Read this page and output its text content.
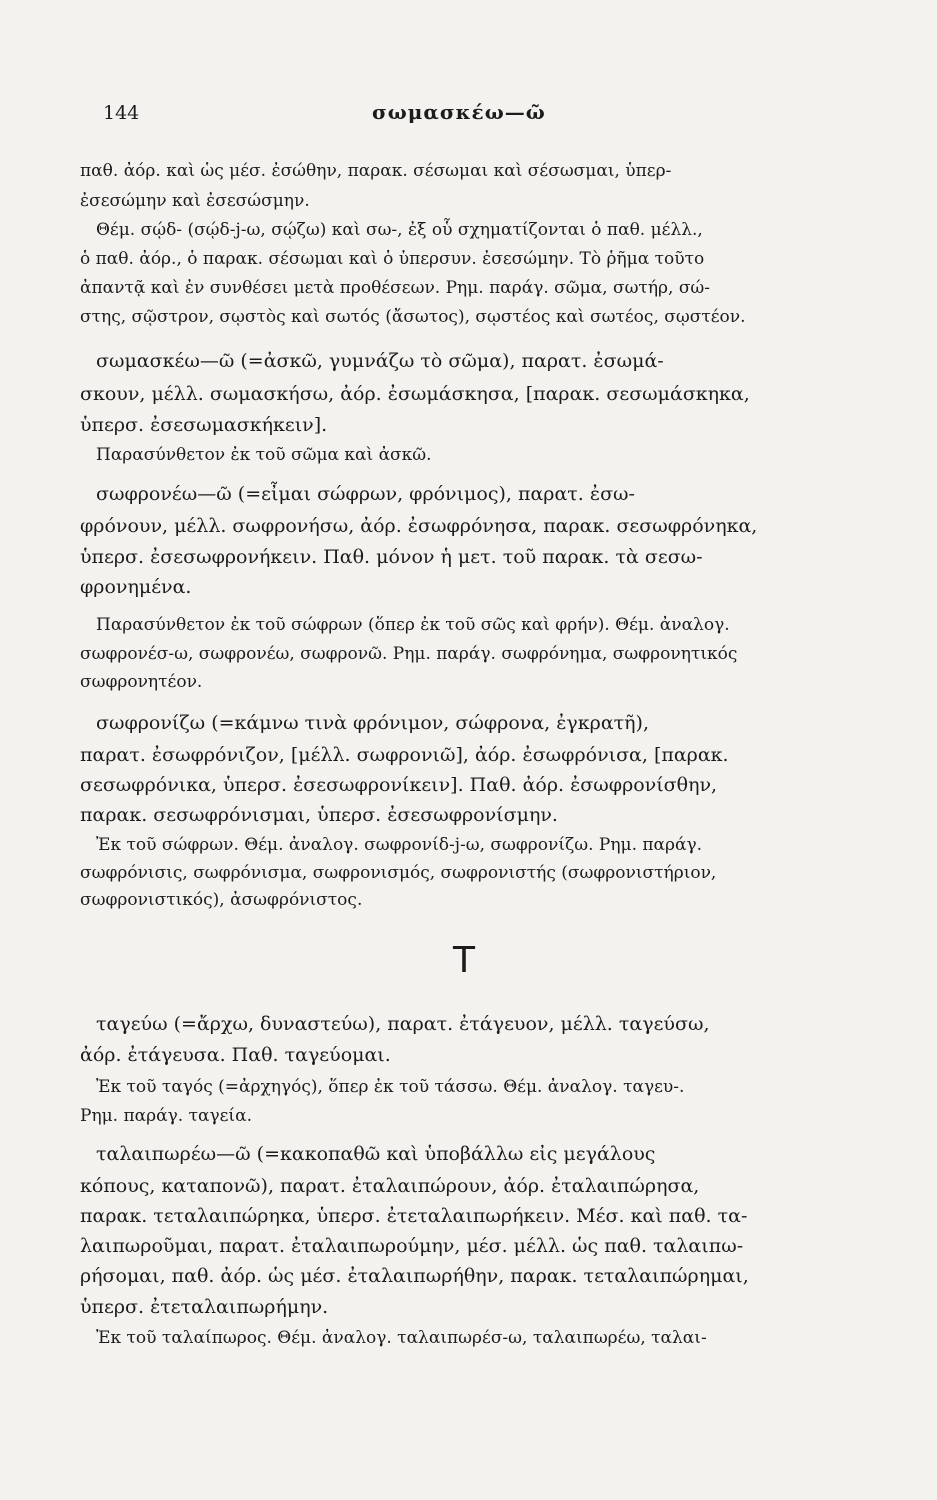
144	σωμασκέω—ῶ
παθ. ἀόρ. καὶ ὡς μέσ. ἐσώθην, παρακ. σέσωμαι καὶ σέσωσμαι, ὑπερ-
ἐσεσώμην καὶ ἐσεσώσμην.
Θέμ. σῴδ- (σῴδ-j-ω, σῴζω) καὶ σω-, ἐξ οὗ σχηματίζονται ὁ παθ. μέλλ.,
ὁ παθ. ἀόρ., ὁ παρακ. σέσωμαι καὶ ὁ ὑπερσυν. ἐσεσώμην. Τὸ ῥῆμα τοῦτο
ἀπαντᾷ καὶ ἐν συνθέσει μετὰ προθέσεων. Ρημ. παράγ. σῶμα, σωτήρ, σώ-
στης, σῷστρον, σῳστὸς καὶ σωτός (ἄσωτος), σῳστέος καὶ σωτέος, σῳστέον.
σωμασκέω—ῶ (=ἀσκῶ, γυμνάζω τὸ σῶμα), παρατ. ἐσωμά-
σκουν, μέλλ. σωμασκήσω, ἀόρ. ἐσωμάσκησα, [παρακ. σεσωμάσκηκα,
ὑπερσ. ἐσεσωμασκήκειν].
Παρασύνθετον ἐκ τοῦ σῶμα καὶ ἀσκῶ.
σωφρονέω—ῶ (=εἶμαι σώφρων, φρόνιμος), παρατ. ἐσω-
φρόνουν, μέλλ. σωφρονήσω, ἀόρ. ἐσωφρόνησα, παρακ. σεσωφρόνηκα,
ὑπερσ. ἐσεσωφρονήκειν. Παθ. μόνον ἡ μετ. τοῦ παρακ. τὰ σεσω-
φρονημένα.
Παρασύνθετον ἐκ τοῦ σώφρων (ὅπερ ἐκ τοῦ σῶς καὶ φρήν). Θέμ. ἀναλογ.
σωφρονέσ-ω, σωφρονέω, σωφρονῶ. Ρημ. παράγ. σωφρόνημα, σωφρονητικός
σωφρονητέον.
σωφρονίζω (=κάμνω τινὰ φρόνιμον, σώφρονα, ἐγκρατῆ),
παρατ. ἐσωφρόνιζον, [μέλλ. σωφρονιῶ], ἀόρ. ἐσωφρόνισα, [παρακ.
σεσωφρόνικα, ὑπερσ. ἐσεσωφρονίκειν]. Παθ. ἀόρ. ἐσωφρονίσθην,
παρακ. σεσωφρόνισμαι, ὑπερσ. ἐσεσωφρονίσμην.
Ἐκ τοῦ σώφρων. Θέμ. ἀναλογ. σωφρονίδ-j-ω, σωφρονίζω. Ρημ. παράγ.
σωφρόνισις, σωφρόνισμα, σωφρονισμός, σωφρονιστής (σωφρονιστήριον,
σωφρονιστικός), ἀσωφρόνιστος.
Τ
ταγεύω (=ἄρχω, δυναστεύω), παρατ. ἐτάγευον, μέλλ. ταγεύσω,
ἀόρ. ἐτάγευσα. Παθ. ταγεύομαι.
Ἐκ τοῦ ταγός (=ἀρχηγός), ὅπερ ἐκ τοῦ τάσσω. Θέμ. ἀναλογ. ταγευ-.
Ρημ. παράγ. ταγεία.
ταλαιπωρέω—ῶ (=κακοπαθῶ καὶ ὑποβάλλω εἰς μεγάλους
κόπους, καταπονῶ), παρατ. ἐταλαιπώρουν, ἀόρ. ἐταλαιπώρησα,
παρακ. τεταλαιπώρηκα, ὑπερσ. ἐτεταλαιπωρήκειν. Μέσ. καὶ παθ. τα-
λαιπωροῦμαι, παρατ. ἐταλαιπωρούμην, μέσ. μέλλ. ὡς παθ. ταλαιπω-
ρήσομαι, παθ. ἀόρ. ὡς μέσ. ἐταλαιπωρήθην, παρακ. τεταλαιπώρημαι,
ὑπερσ. ἐτεταλαιπωρήμην.
Ἐκ τοῦ ταλαίπωρος. Θέμ. ἀναλογ. ταλαιπωρέσ-ω, ταλαιπωρέω, ταλαι-
